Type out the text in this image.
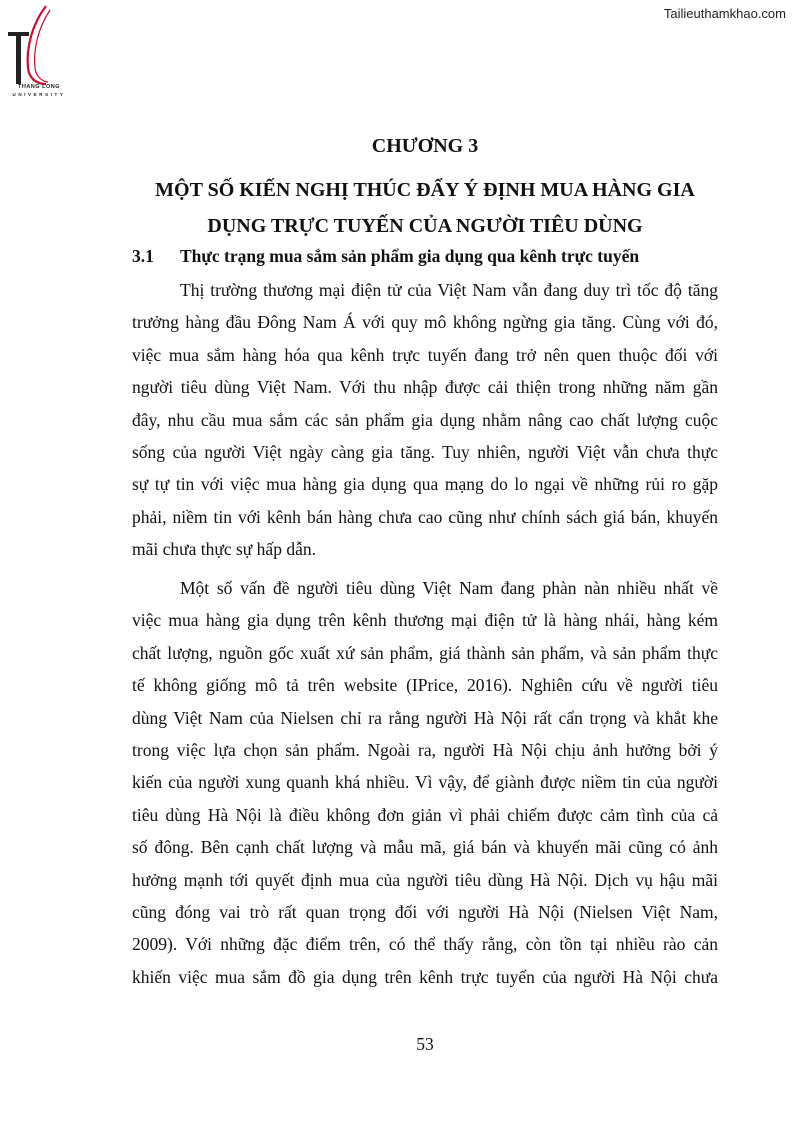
Tailieuthamkhao.com
THANG LONG
UNIVERSITY
CHƯƠNG 3
MỘT SỐ KIẾN NGHỊ THÚC ĐẨY Ý ĐỊNH MUA HÀNG GIA
DỤNG TRỰC TUYẾN CỦA NGƯỜI TIÊU DÙNG
3.1 Thực trạng mua sắm sản phẩm gia dụng qua kênh trực tuyến
Thị trường thương mại điện tử của Việt Nam vẫn đang duy trì tốc độ tăng
trưởng hàng đầu Đông Nam Á với quy mô không ngừng gia tăng. Cùng với đó,
việc mua sắm hàng hóa qua kênh trực tuyến đang trở nên quen thuộc đối với
người tiêu dùng Việt Nam. Với thu nhập được cải thiện trong những năm gần
đây, nhu cầu mua sắm các sản phẩm gia dụng nhằm nâng cao chất lượng cuộc
sống của người Việt ngày càng gia tăng. Tuy nhiên, người Việt vẫn chưa thực
sự tự tin với việc mua hàng gia dụng qua mạng do lo ngại về những rủi ro gặp
phải, niềm tin với kênh bán hàng chưa cao cũng như chính sách giá bán, khuyến
mãi chưa thực sự hấp dẫn.
Một số vấn đề người tiêu dùng Việt Nam đang phàn nàn nhiều nhất về
việc mua hàng gia dụng trên kênh thương mại điện tử là hàng nhái, hàng kém
chất lượng, nguồn gốc xuất xứ sản phẩm, giá thành sản phẩm, và sản phẩm thực
tế không giống mô tả trên website (IPrice, 2016). Nghiên cứu về người tiêu
dùng Việt Nam của Nielsen chỉ ra rằng người Hà Nội rất cẩn trọng và khắt khe
trong việc lựa chọn sản phẩm. Ngoài ra, người Hà Nội chịu ảnh hưởng bởi ý
kiến của người xung quanh khá nhiều. Vì vậy, để giành được niềm tin của người
tiêu dùng Hà Nội là điều không đơn giản vì phải chiếm được cảm tình của cả
số đông. Bên cạnh chất lượng và mẫu mã, giá bán và khuyến mãi cũng có ảnh
hưởng mạnh tới quyết định mua của người tiêu dùng Hà Nội. Dịch vụ hậu mãi
cũng đóng vai trò rất quan trọng đối với người Hà Nội (Nielsen Việt Nam,
2009). Với những đặc điểm trên, có thể thấy rằng, còn tồn tại nhiều rào cản
khiến việc mua sắm đồ gia dụng trên kênh trực tuyến của người Hà Nội chưa
53
